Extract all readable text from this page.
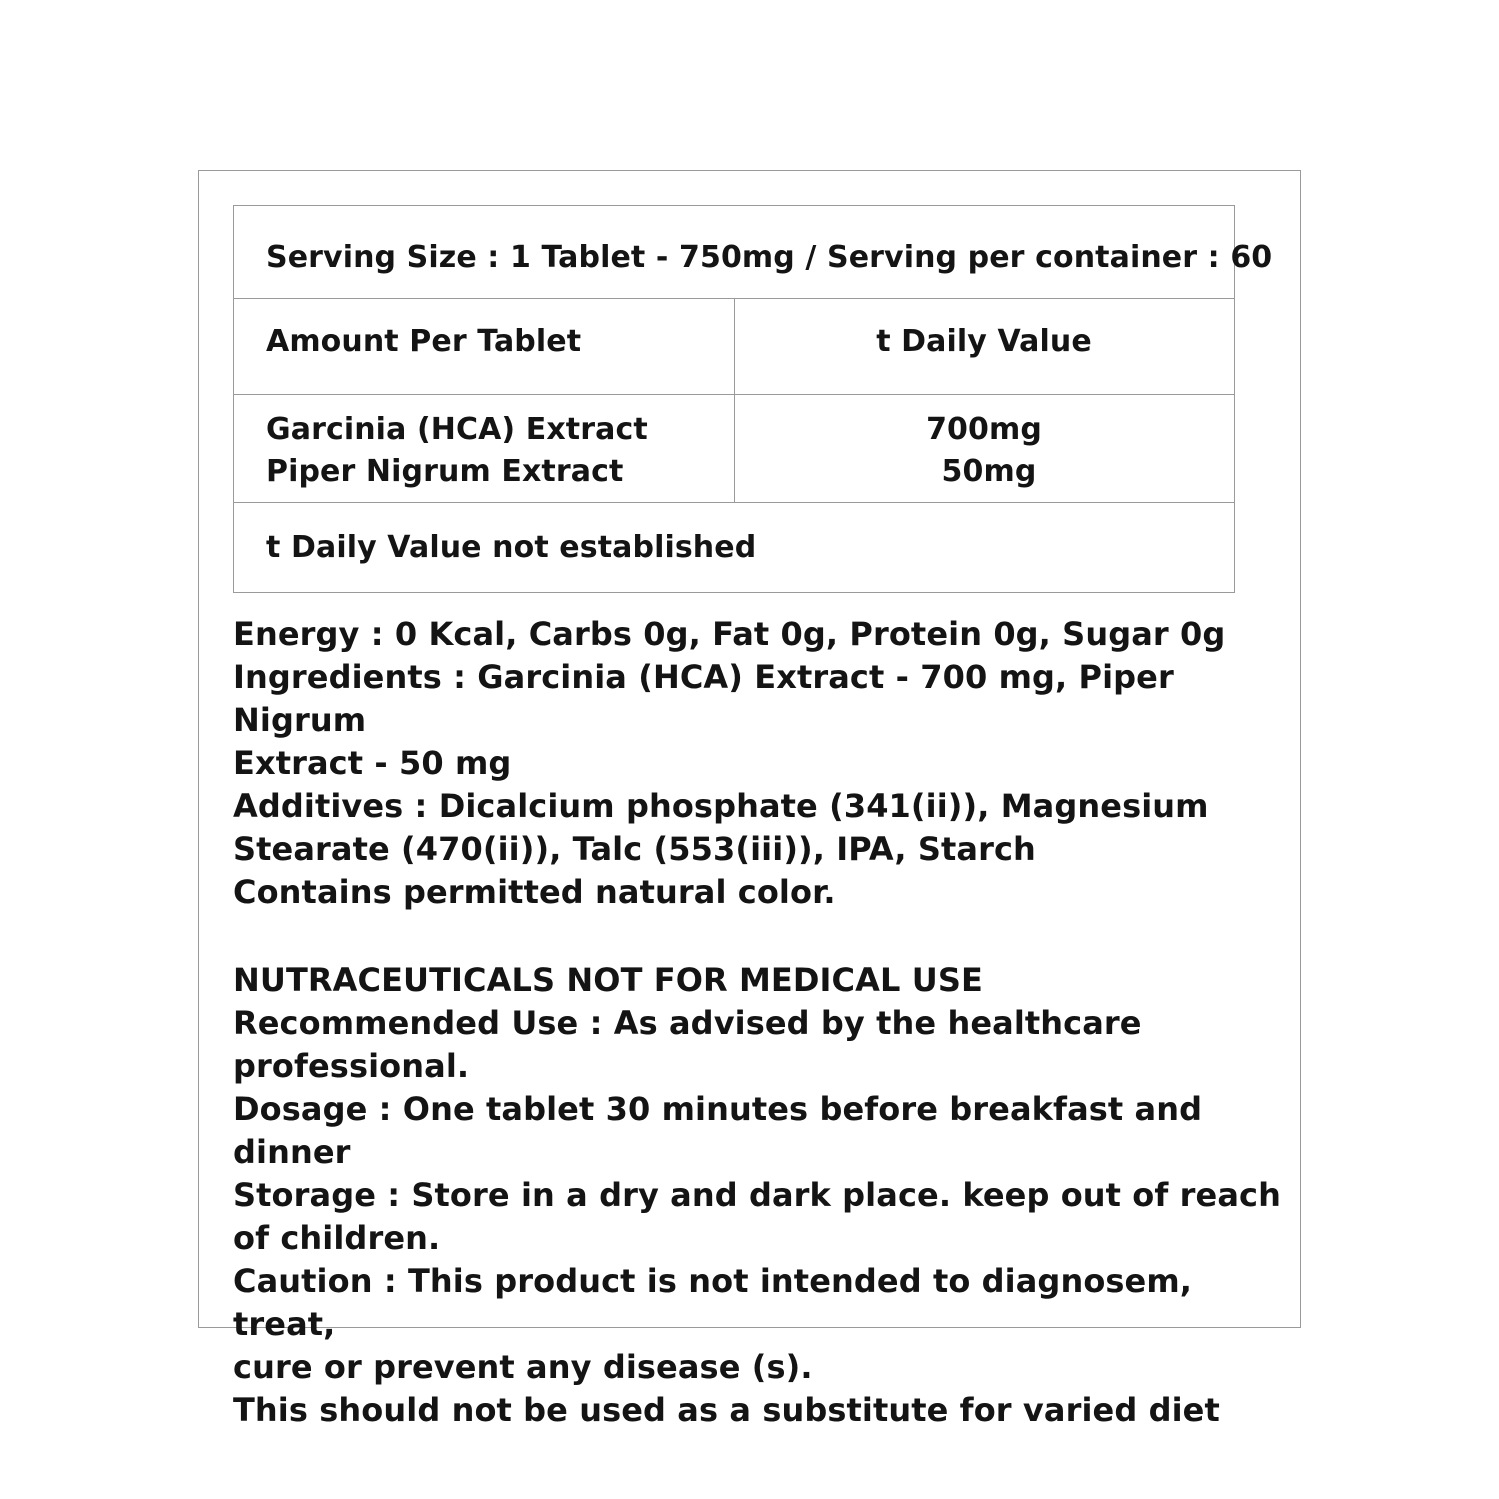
Serving Size : 1 Tablet - 750mg / Serving per container : 60
Amount Per Tablet	t Daily Value
Garcinia (HCA) Extract
Piper Nigrum Extract
700mg
50mg
t Daily Value not established

Energy : 0 Kcal, Carbs 0g, Fat 0g, Protein 0g, Sugar 0g

Ingredients : Garcinia (HCA) Extract - 700 mg, Piper Nigrum

Extract - 50 mg

Additives : Dicalcium phosphate (341(ii)), Magnesium

Stearate (470(ii)), Talc (553(iii)), IPA, Starch

Contains permitted natural color.

NUTRACEUTICALS NOT FOR MEDICAL USE

Recommended Use : As advised by the healthcare

professional.

Dosage : One tablet 30 minutes before breakfast and dinner

Storage : Store in a dry and dark place. keep out of reach

of children.

Caution : This product is not intended to diagnosem, treat,

cure or prevent any disease (s).

This should not be used as a substitute for varied diet
